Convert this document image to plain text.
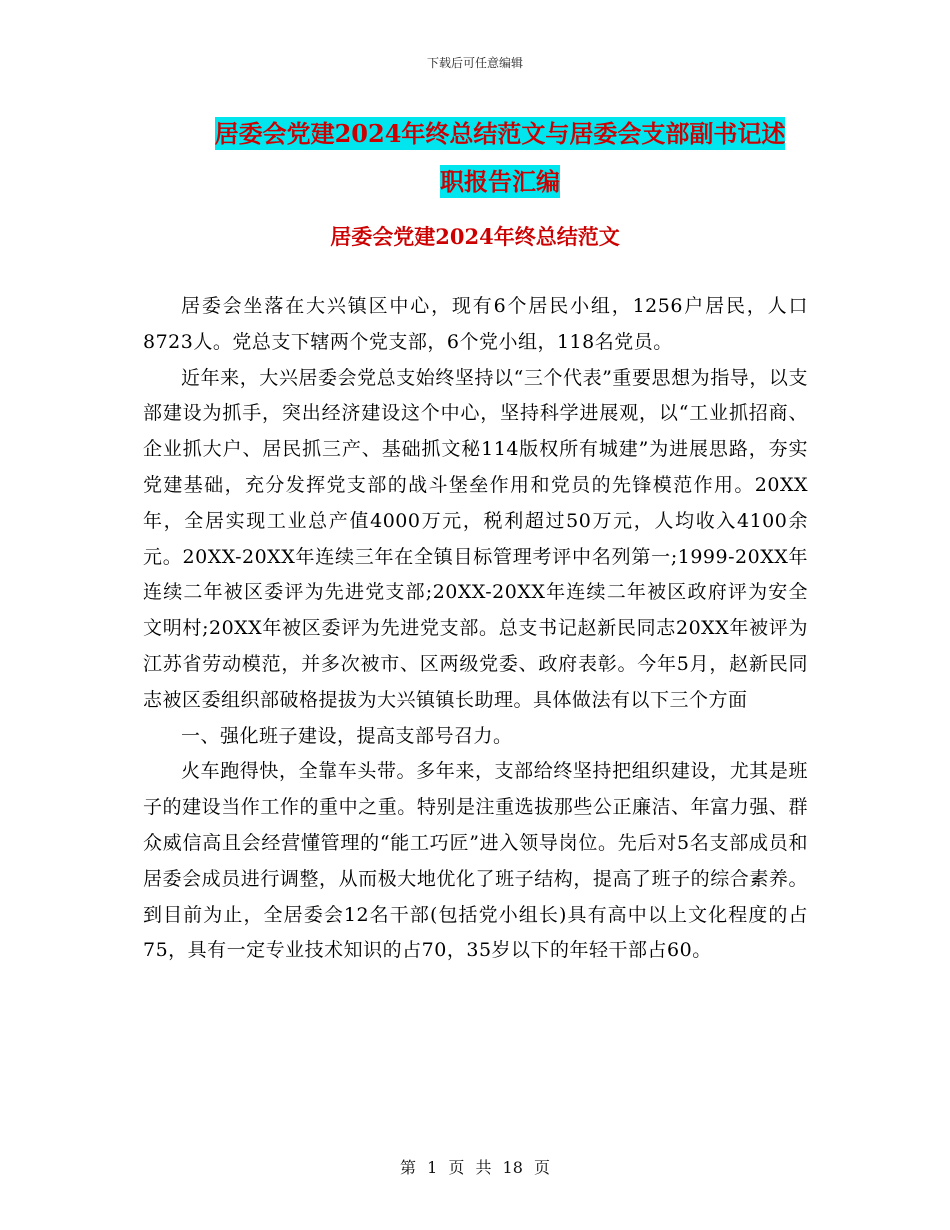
下载后可任意编辑
居委会党建2024年终总结范文与居委会支部副书记述
职报告汇编
居委会党建2024年终总结范文

居委会坐落在大兴镇区中心，现有6个居民小组，1256户居民，人口8723人。党总支下辖两个党支部，6个党小组，118名党员。

近年来，大兴居委会党总支始终坚持以“三个代表”重要思想为指导，以支部建设为抓手，突出经济建设这个中心，坚持科学进展观，以“工业抓招商、企业抓大户、居民抓三产、基础抓文秘114版权所有城建”为进展思路，夯实党建基础，充分发挥党支部的战斗堡垒作用和党员的先锋模范作用。20XX年，全居实现工业总产值4000万元，税利超过50万元，人均收入4100余元。20XX-20XX年连续三年在全镇目标管理考评中名列第一;1999-20XX年连续二年被区委评为先进党支部;20XX-20XX年连续二年被区政府评为安全文明村;20XX年被区委评为先进党支部。总支书记赵新民同志20XX年被评为江苏省劳动模范，并多次被市、区两级党委、政府表彰。今年5月，赵新民同志被区委组织部破格提拔为大兴镇镇长助理。具体做法有以下三个方面

一、强化班子建设，提高支部号召力。

火车跑得快，全靠车头带。多年来，支部给终坚持把组织建设，尤其是班子的建设当作工作的重中之重。特别是注重选拔那些公正廉洁、年富力强、群众威信高且会经营懂管理的“能工巧匠”进入领导岗位。先后对5名支部成员和居委会成员进行调整，从而极大地优化了班子结构，提高了班子的综合素养。到目前为止，全居委会12名干部(包括党小组长)具有高中以上文化程度的占75，具有一定专业技术知识的占70，35岁以下的年轻干部占60。

第 1 页 共 18 页
